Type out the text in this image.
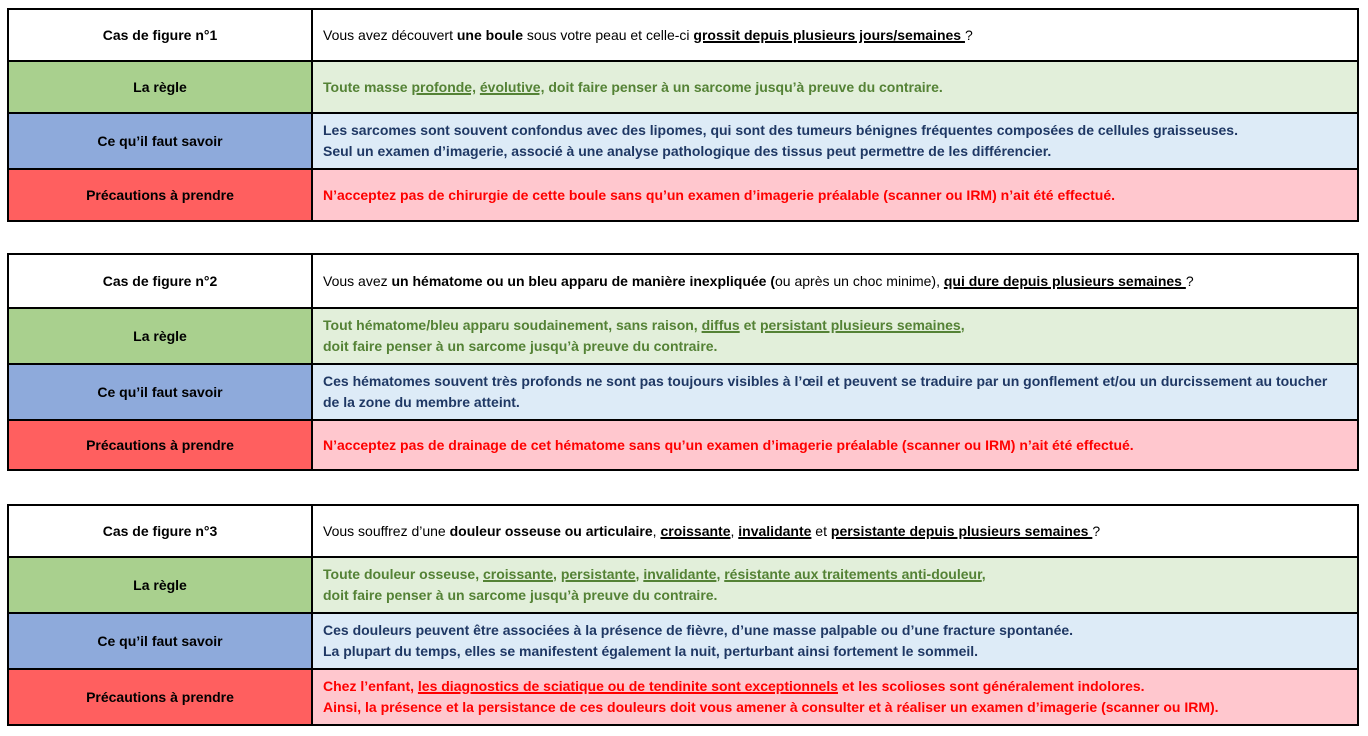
Cas de figure n°1	Vous avez découvert une boule sous votre peau et celle-ci grossit depuis plusieurs jours/semaines ?
La règle	Toute masse profonde, évolutive, doit faire penser à un sarcome jusqu’à preuve du contraire.
Ce qu’il faut savoir	Les sarcomes sont souvent confondus avec des lipomes, qui sont des tumeurs bénignes fréquentes composées de cellules graisseuses.
Seul un examen d’imagerie, associé à une analyse pathologique des tissus peut permettre de les différencier.

Précautions à prendre	N’acceptez pas de chirurgie de cette boule sans qu’un examen d’imagerie préalable (scanner ou IRM) n’ait été effectué.
Cas de figure n°2	Vous avez un hématome ou un bleu apparu de manière inexpliquée (ou après un choc minime), qui dure depuis plusieurs semaines ?
La règle	Tout hématome/bleu apparu soudainement, sans raison, diffus et persistant plusieurs semaines,
doit faire penser à un sarcome jusqu’à preuve du contraire.

Ce qu’il faut savoir	Ces hématomes souvent très profonds ne sont pas toujours visibles à l’œil et peuvent se traduire par un gonflement et/ou un durcissement au toucher de la zone du membre atteint.
Précautions à prendre	N’acceptez pas de drainage de cet hématome sans qu’un examen d’imagerie préalable (scanner ou IRM) n’ait été effectué.
Cas de figure n°3	Vous souffrez d’une douleur osseuse ou articulaire, croissante, invalidante et persistante depuis plusieurs semaines ?
La règle	Toute douleur osseuse, croissante, persistante, invalidante, résistante aux traitements anti-douleur,
doit faire penser à un sarcome jusqu’à preuve du contraire.

Ce qu’il faut savoir	Ces douleurs peuvent être associées à la présence de fièvre, d’une masse palpable ou d’une fracture spontanée.
La plupart du temps, elles se manifestent également la nuit, perturbant ainsi fortement le sommeil.

Précautions à prendre	Chez l’enfant, les diagnostics de sciatique ou de tendinite sont exceptionnels et les scolioses sont généralement indolores.
Ainsi, la présence et la persistance de ces douleurs doit vous amener à consulter et à réaliser un examen d’imagerie (scanner ou IRM).
